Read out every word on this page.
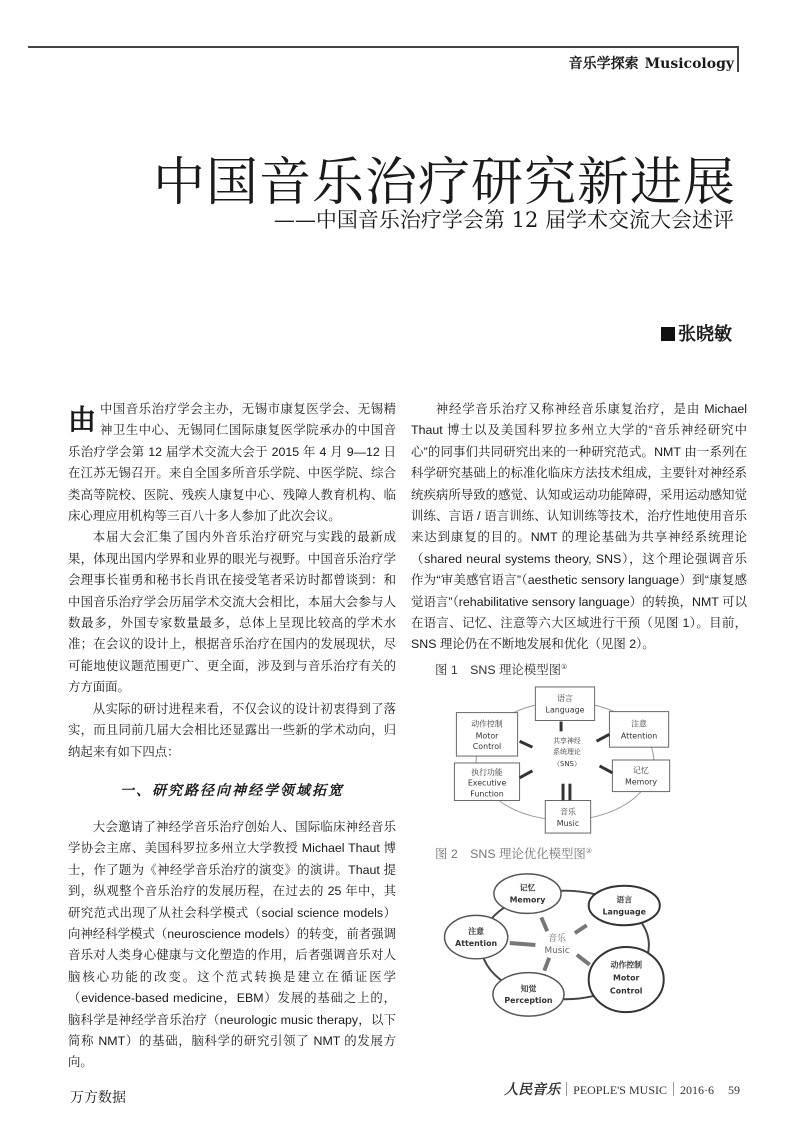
音乐学探索 Musicology
中国音乐治疗研究新进展
——中国音乐治疗学会第 12 届学术交流大会述评
张晓敏

由中国音乐治疗学会主办，无锡市康复医学会、无锡精神卫生中心、无锡同仁国际康复医学院承办的中国音乐治疗学会第 12 届学术交流大会于 2015 年 4 月 9—12 日在江苏无锡召开。来自全国多所音乐学院、中医学院、综合类高等院校、医院、残疾人康复中心、残障人教育机构、临床心理应用机构等三百八十多人参加了此次会议。

本届大会汇集了国内外音乐治疗研究与实践的最新成果，体现出国内学界和业界的眼光与视野。中国音乐治疗学会理事长崔勇和秘书长肖讯在接受笔者采访时都曾谈到：和中国音乐治疗学会历届学术交流大会相比，本届大会参与人数最多，外国专家数量最多，总体上呈现比较高的学术水准；在会议的设计上，根据音乐治疗在国内的发展现状，尽可能地使议题范围更广、更全面，涉及到与音乐治疗有关的方方面面。

从实际的研讨进程来看，不仅会议的设计初衷得到了落实，而且同前几届大会相比还显露出一些新的学术动向，归纳起来有如下四点：

一、研究路径向神经学领域拓宽

大会邀请了神经学音乐治疗创始人、国际临床神经音乐学协会主席、美国科罗拉多州立大学教授 Michael Thaut 博士，作了题为《神经学音乐治疗的演变》的演讲。Thaut 提到，纵观整个音乐治疗的发展历程，在过去的 25 年中，其研究范式出现了从社会科学模式（social science models）向神经科学模式（neuroscience models）的转变，前者强调音乐对人类身心健康与文化塑造的作用，后者强调音乐对人脑核心功能的改变。这个范式转换是建立在循证医学（evidence-based medicine，EBM）发展的基础之上的，脑科学是神经学音乐治疗（neurologic music therapy，以下简称 NMT）的基础，脑科学的研究引领了 NMT 的发展方向。

神经学音乐治疗又称神经音乐康复治疗，是由 Michael Thaut 博士以及美国科罗拉多州立大学的“音乐神经研究中心”的同事们共同研究出来的一种研究范式。NMT 由一系列在科学研究基础上的标准化临床方法技术组成，主要针对神经系统疾病所导致的感觉、认知或运动功能障碍，采用运动感知觉训练、言语 / 语言训练、认知训练等技术，治疗性地使用音乐来达到康复的目的。NMT 的理论基础为共享神经系统理论（shared neural systems theory, SNS），这个理论强调音乐作为“审美感官语言”（aesthetic sensory language）到“康复感觉语言”（rehabilitative sensory language）的转换，NMT 可以在语言、记忆、注意等六大区域进行干预（见图 1）。目前，SNS 理论仍在不断地发展和优化（见图 2）。

图 1　SNS 理论模型图①
语言
Language
动作控制
Motor
Control
注意
Attention
执行功能
Executive
Function
记忆
Memory
音乐
Music
共享神经
系统理论
（SNS）
图 2　SNS 理论优化模型图②
记忆
Memory	语言
Language
注意
Attention
知觉
Perception
动作控制
Motor
Control
音乐
Music
万方数据	人民音乐 PEOPLE'S MUSIC 2016·6 59
